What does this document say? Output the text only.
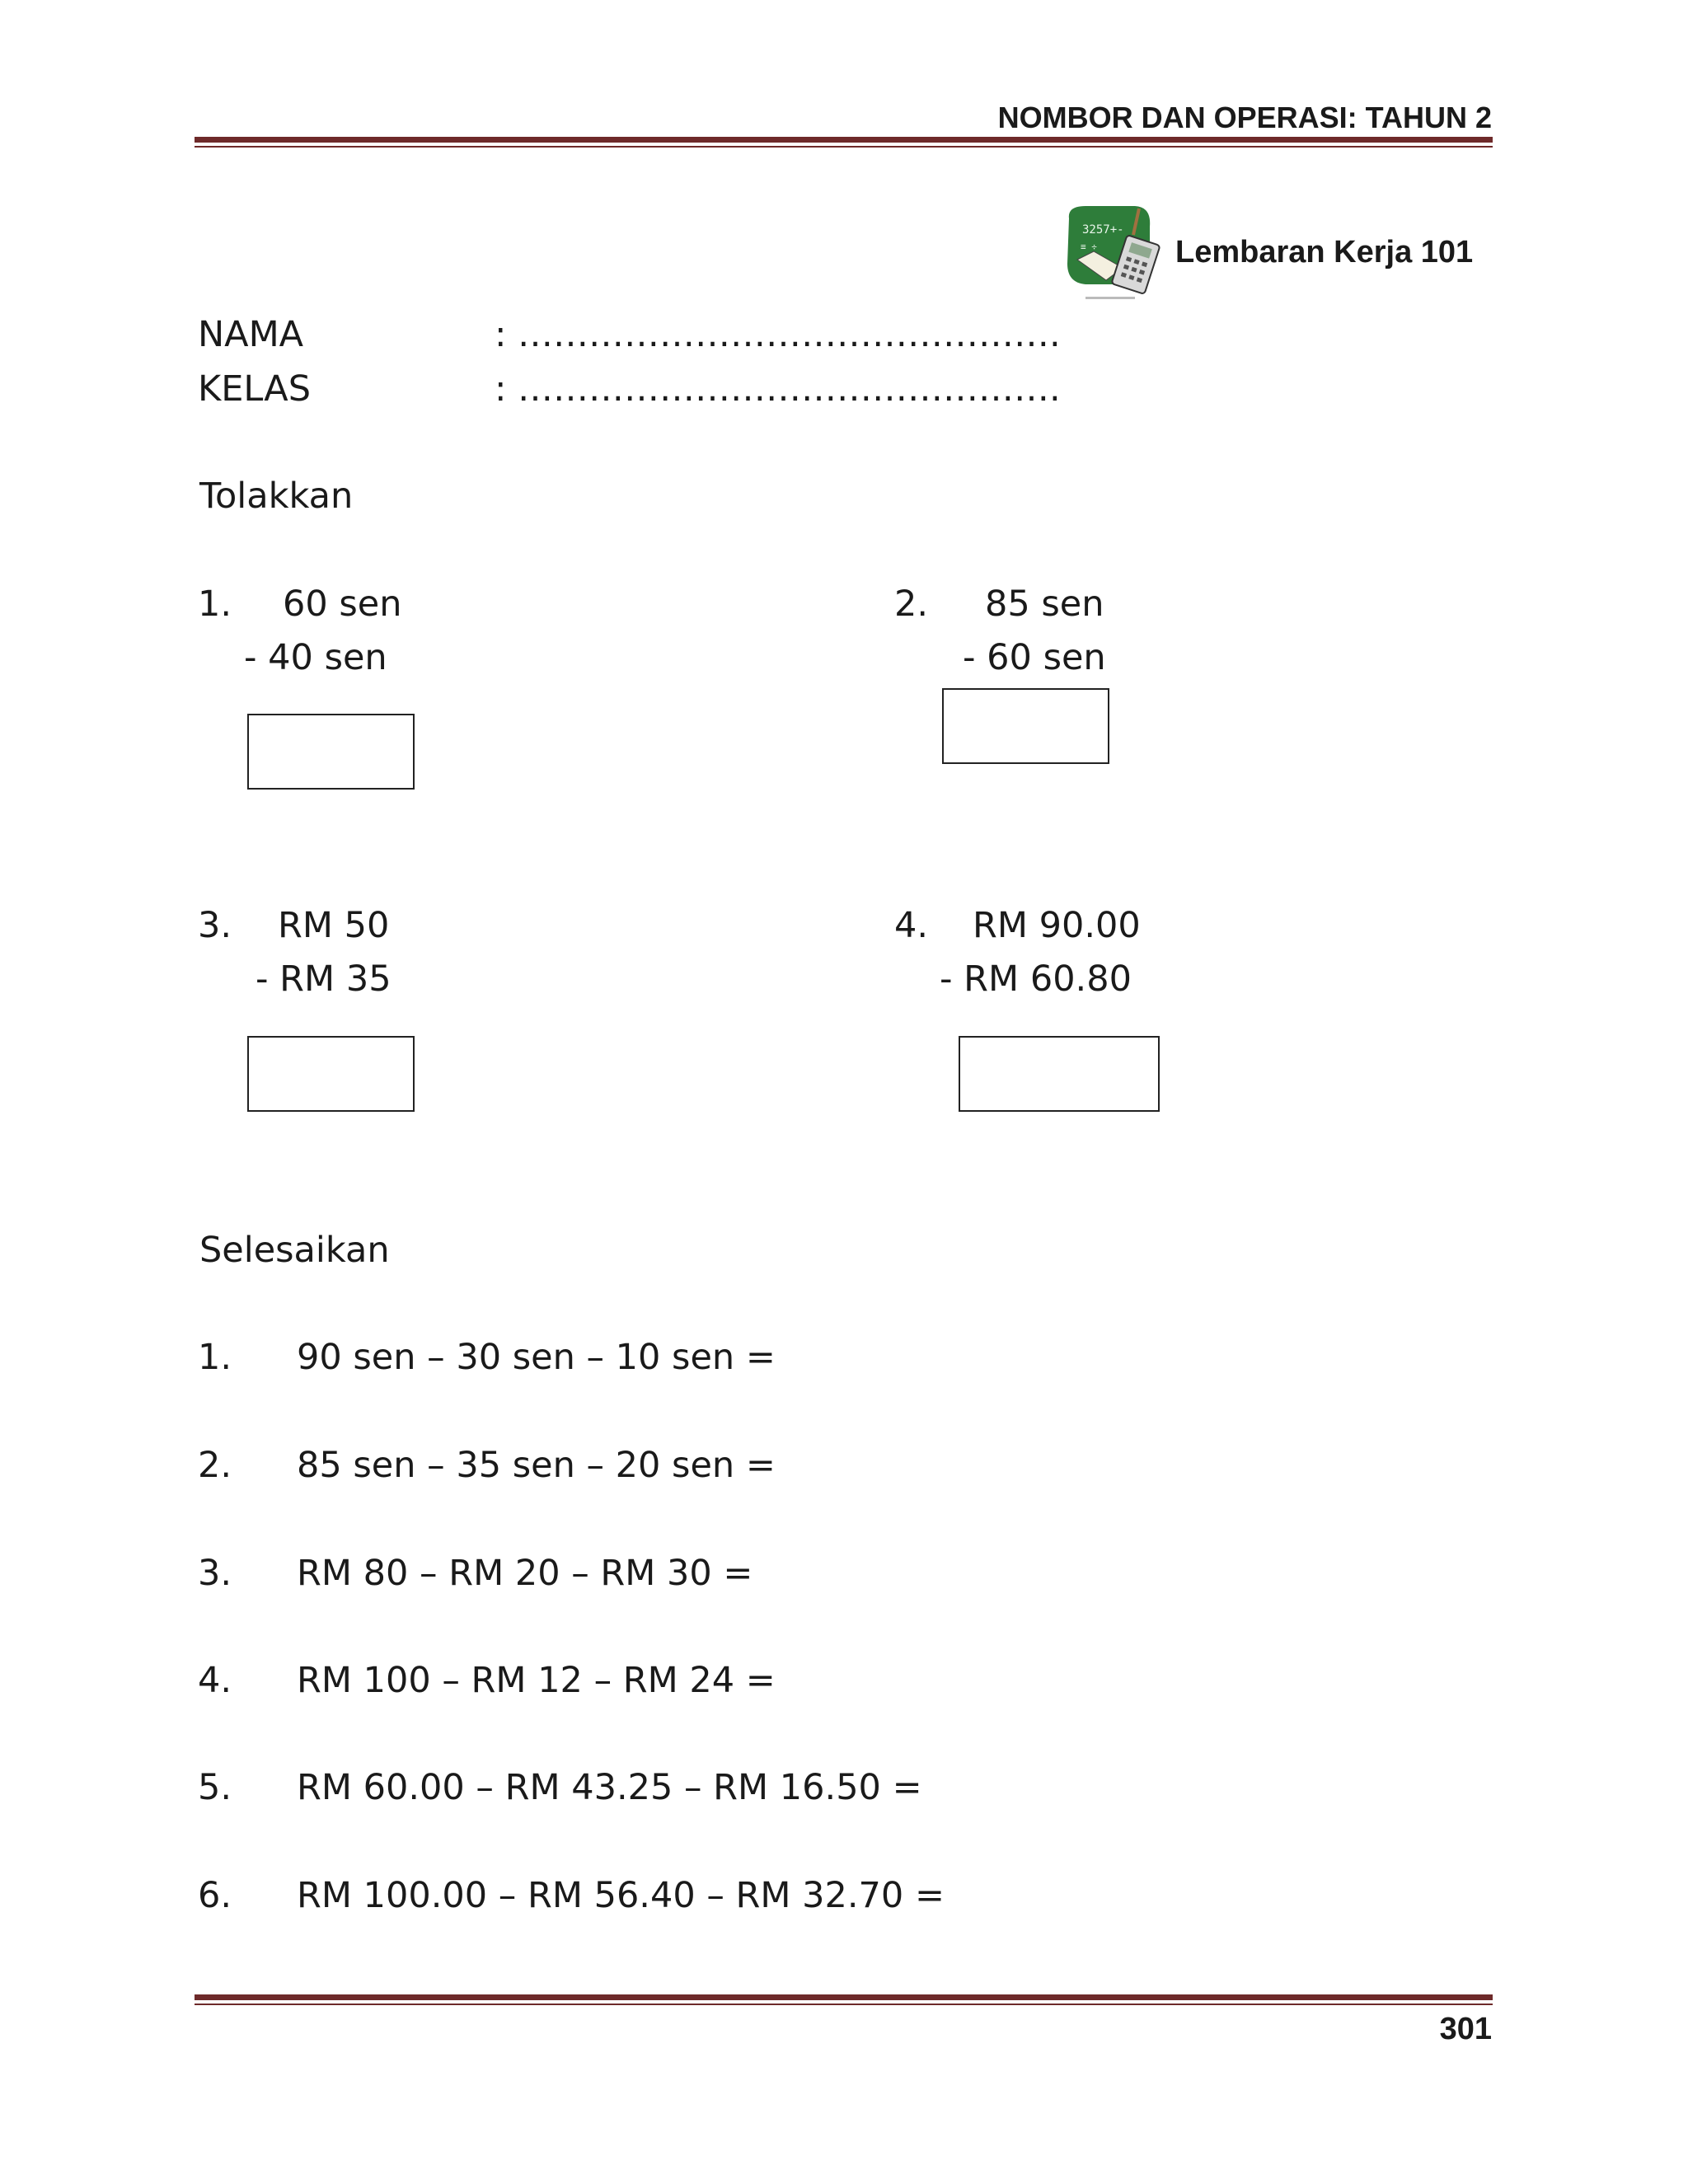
NOMBOR DAN OPERASI: TAHUN 2
3257+-
≡ ÷	Lembaran Kerja 101
NAMA	: ……………………………………….
KELAS	: ……………………………………….
Tolakkan
1. 60 sen
- 40 sen
2. 85 sen
- 60 sen
3. RM 50
- RM 35
4. RM 90.00
- RM 60.80
Selesaikan
1. 90 sen – 30 sen – 10 sen =
2. 85 sen – 35 sen – 20 sen =
3. RM 80 – RM 20 – RM 30 =
4. RM 100 – RM 12 – RM 24 =
5. RM 60.00 – RM 43.25 – RM 16.50 =
6. RM 100.00 – RM 56.40 – RM 32.70 =
301
